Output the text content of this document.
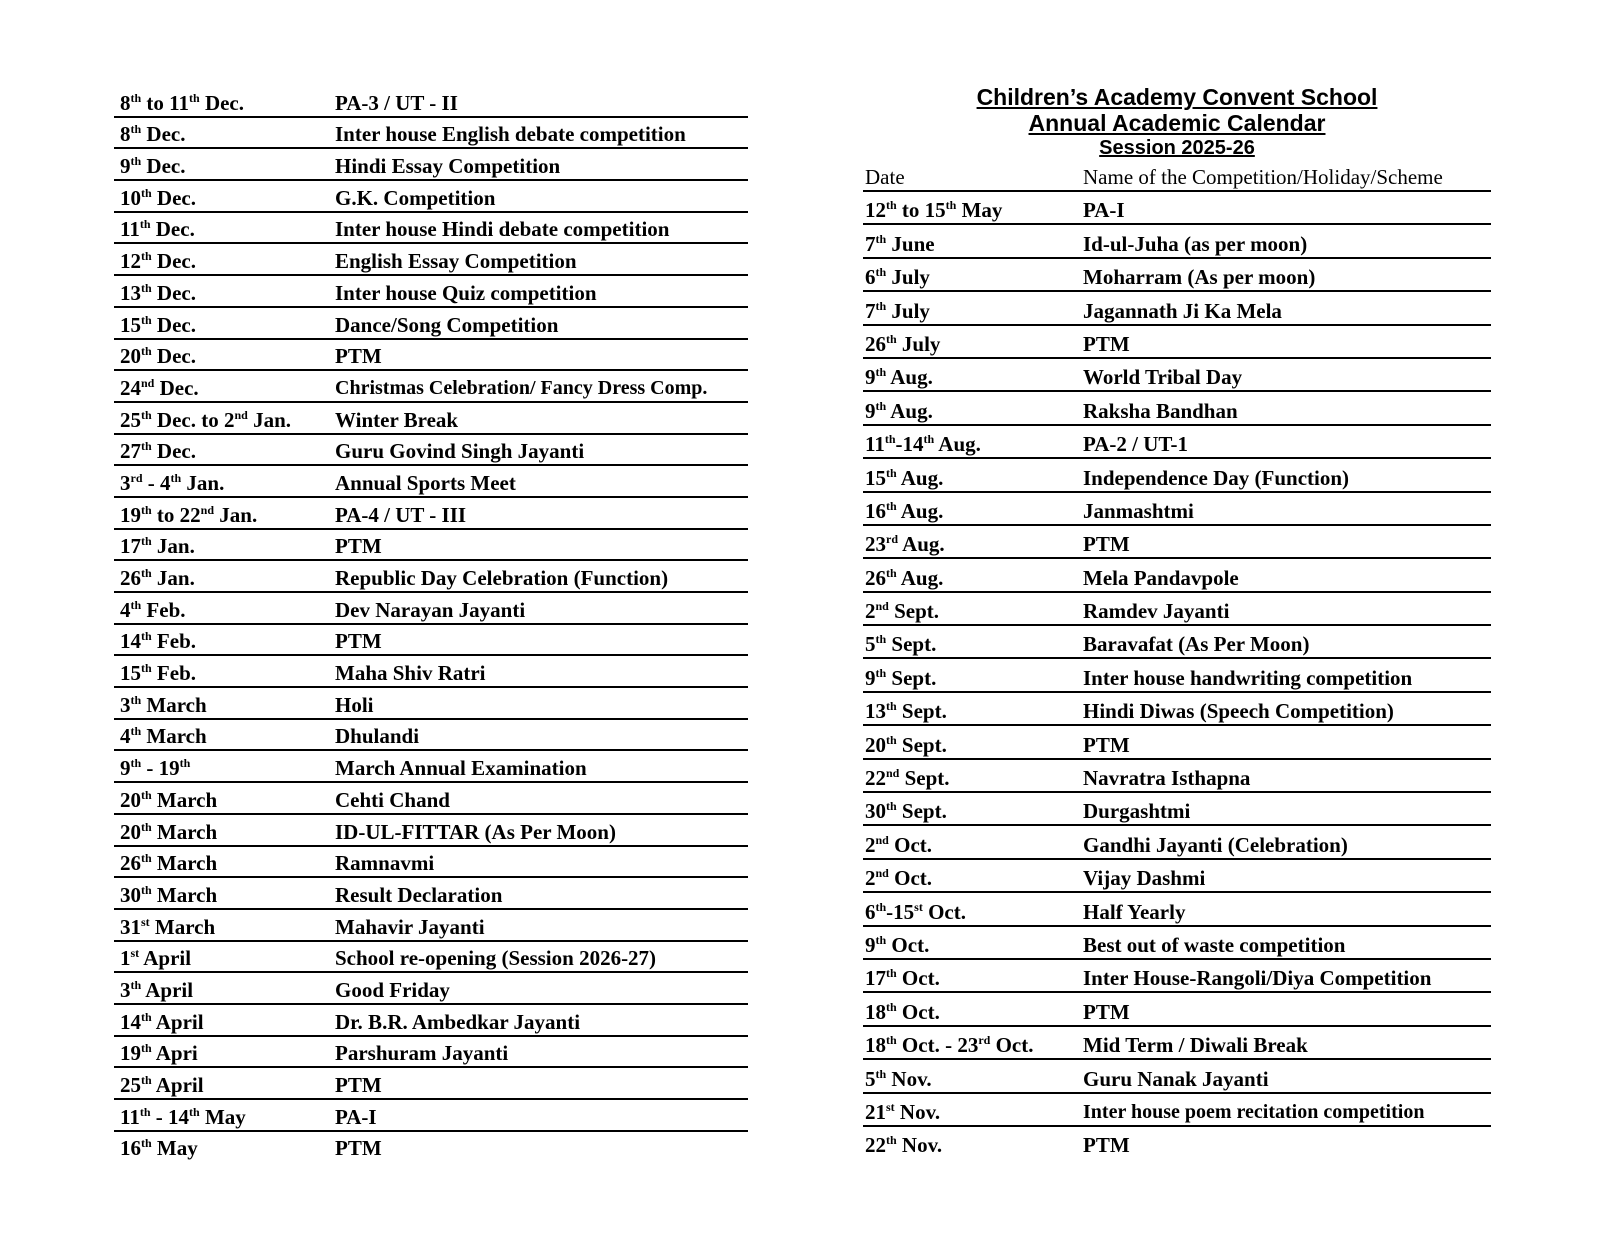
8th to 11th Dec.	PA-3 / UT - II
8th Dec.	Inter house English debate competition
9th Dec.	Hindi Essay Competition
10th Dec.	G.K. Competition
11th Dec.	Inter house Hindi debate competition
12th Dec.	English Essay Competition
13th Dec.	Inter house Quiz competition
15th Dec.	Dance/Song Competition
20th Dec.	PTM
24nd Dec.	Christmas Celebration/ Fancy Dress Comp.
25th Dec. to 2nd Jan.	Winter Break
27th Dec.	Guru Govind Singh Jayanti
3rd - 4th Jan.	Annual Sports Meet
19th to 22nd Jan.	PA-4 / UT - III
17th Jan.	PTM
26th Jan.	Republic Day Celebration (Function)
4th Feb.	Dev Narayan Jayanti
14th Feb.	PTM
15th Feb.	Maha Shiv Ratri
3th March	Holi
4th March	Dhulandi
9th - 19th	March Annual Examination
20th March	Cehti Chand
20th March	ID-UL-FITTAR (As Per Moon)
26th March	Ramnavmi
30th March	Result Declaration
31st March	Mahavir Jayanti
1st April	School re-opening (Session 2026-27)
3th April	Good Friday
14th April	Dr. B.R. Ambedkar Jayanti
19th Apri	Parshuram Jayanti
25th April	PTM
11th - 14th May	PA-I
16th May	PTM
Children’s Academy Convent School
Annual Academic Calendar
Session 2025-26
Date	Name of the Competition/Holiday/Scheme
12th to 15th May	PA-I
7th June	Id-ul-Juha (as per moon)
6th July	Moharram (As per moon)
7th July	Jagannath Ji Ka Mela
26th July	PTM
9th Aug.	World Tribal Day
9th Aug.	Raksha Bandhan
11th-14th Aug.	PA-2 / UT-1
15th Aug.	Independence Day (Function)
16th Aug.	Janmashtmi
23rd Aug.	PTM
26th Aug.	Mela Pandavpole
2nd Sept.	Ramdev Jayanti
5th Sept.	Baravafat (As Per Moon)
9th Sept.	Inter house handwriting competition
13th Sept.	Hindi Diwas (Speech Competition)
20th Sept.	PTM
22nd Sept.	Navratra Isthapna
30th Sept.	Durgashtmi
2nd Oct.	Gandhi Jayanti (Celebration)
2nd Oct.	Vijay Dashmi
6th-15st Oct.	Half Yearly
9th Oct.	Best out of waste competition
17th Oct.	Inter House-Rangoli/Diya Competition
18th Oct.	PTM
18th Oct. - 23rd Oct.	Mid Term / Diwali Break
5th Nov.	Guru Nanak Jayanti
21st Nov.	Inter house poem recitation competition
22th Nov.	PTM
